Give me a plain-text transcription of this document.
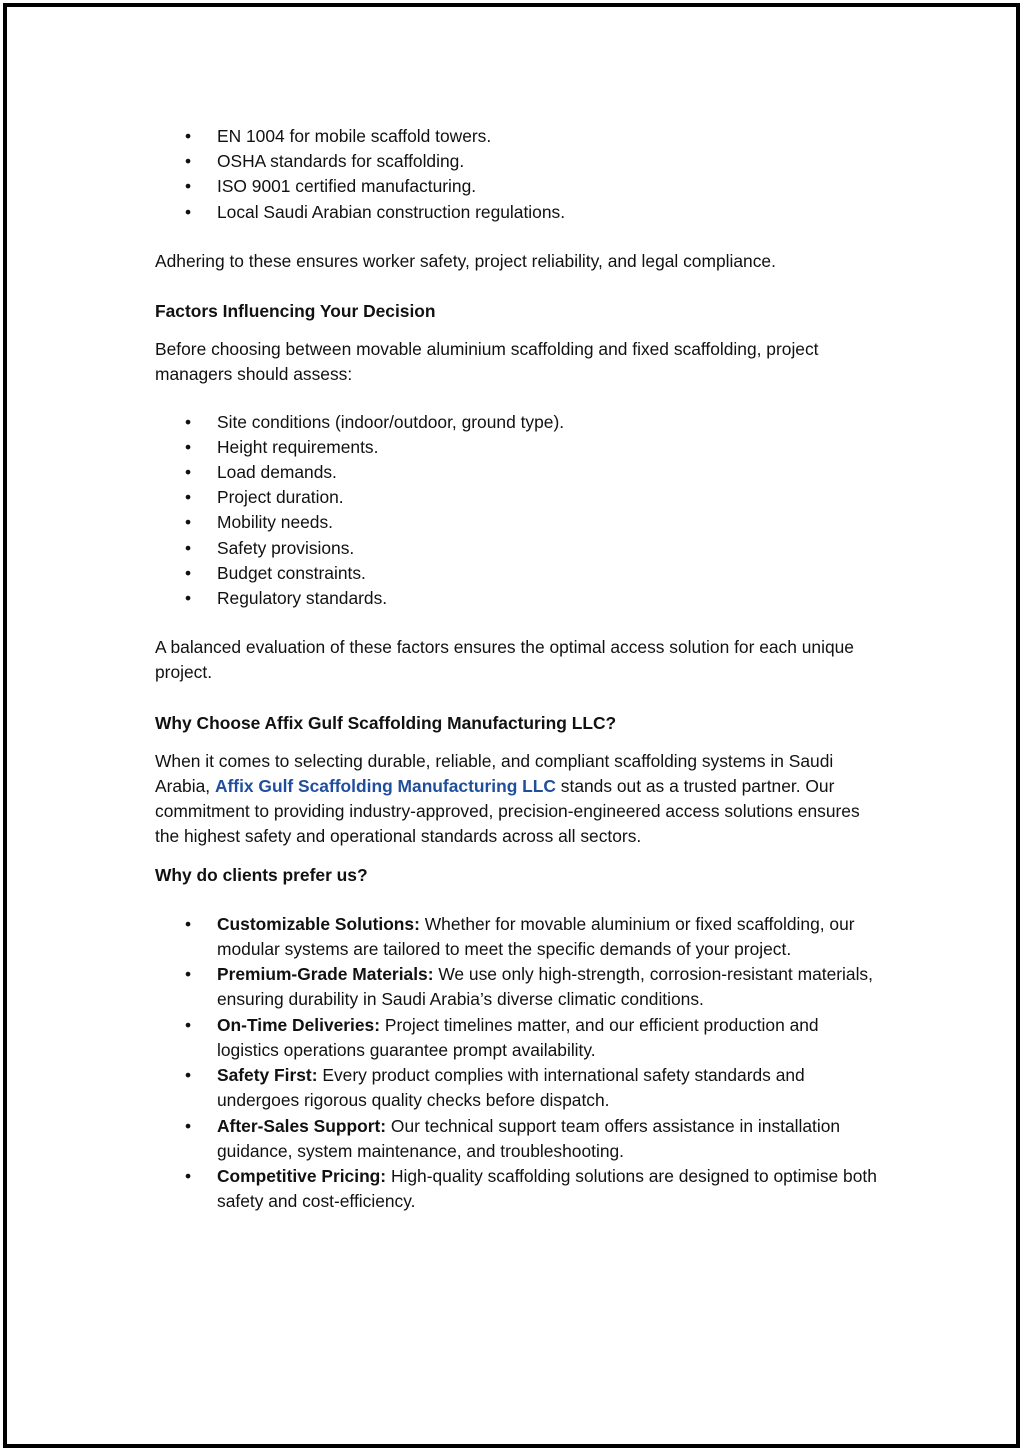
• EN 1004 for mobile scaffold towers.
• OSHA standards for scaffolding.
• ISO 9001 certified manufacturing.
• Local Saudi Arabian construction regulations.

Adhering to these ensures worker safety, project reliability, and legal compliance.

Factors Influencing Your Decision

Before choosing between movable aluminium scaffolding and fixed scaffolding, project managers should assess:

• Site conditions (indoor/outdoor, ground type).
• Height requirements.
• Load demands.
• Project duration.
• Mobility needs.
• Safety provisions.
• Budget constraints.
• Regulatory standards.

A balanced evaluation of these factors ensures the optimal access solution for each unique project.

Why Choose Affix Gulf Scaffolding Manufacturing LLC?

When it comes to selecting durable, reliable, and compliant scaffolding systems in Saudi Arabia, Affix Gulf Scaffolding Manufacturing LLC stands out as a trusted partner. Our commitment to providing industry-approved, precision-engineered access solutions ensures the highest safety and operational standards across all sectors.

Why do clients prefer us?

• Customizable Solutions: Whether for movable aluminium or fixed scaffolding, our modular systems are tailored to meet the specific demands of your project.
• Premium-Grade Materials: We use only high-strength, corrosion-resistant materials, ensuring durability in Saudi Arabia’s diverse climatic conditions.
• On-Time Deliveries: Project timelines matter, and our efficient production and logistics operations guarantee prompt availability.
• Safety First: Every product complies with international safety standards and undergoes rigorous quality checks before dispatch.
• After-Sales Support: Our technical support team offers assistance in installation guidance, system maintenance, and troubleshooting.
• Competitive Pricing: High-quality scaffolding solutions are designed to optimise both safety and cost-efficiency.
